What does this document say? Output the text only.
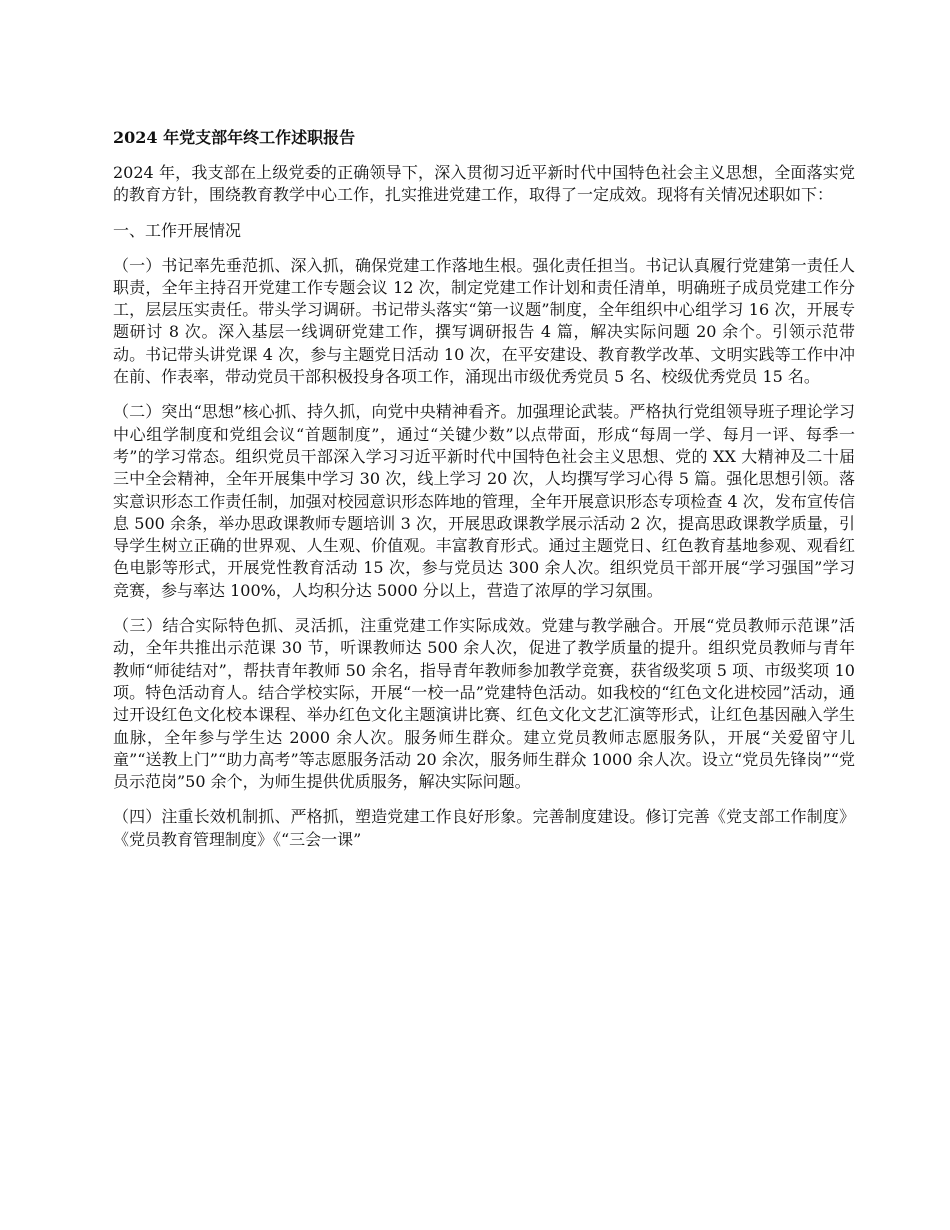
2024 年党支部年终工作述职报告
2024 年，我支部在上级党委的正确领导下，深入贯彻习近平新时代中国特色社会主义思想，全面落实党的教育方针，围绕教育教学中心工作，扎实推进党建工作，取得了一定成效。现将有关情况述职如下：
一、工作开展情况
（一）书记率先垂范抓、深入抓，确保党建工作落地生根。强化责任担当。书记认真履行党建第一责任人职责，全年主持召开党建工作专题会议 12 次，制定党建工作计划和责任清单，明确班子成员党建工作分工，层层压实责任。带头学习调研。书记带头落实“第一议题”制度，全年组织中心组学习 16 次，开展专题研讨 8 次。深入基层一线调研党建工作，撰写调研报告 4 篇，解决实际问题 20 余个。引领示范带动。书记带头讲党课 4 次，参与主题党日活动 10 次，在平安建设、教育教学改革、文明实践等工作中冲在前、作表率，带动党员干部积极投身各项工作，涌现出市级优秀党员 5 名、校级优秀党员 15 名。
（二）突出“思想”核心抓、持久抓，向党中央精神看齐。加强理论武装。严格执行党组领导班子理论学习中心组学制度和党组会议“首题制度”，通过“关键少数”以点带面，形成“每周一学、每月一评、每季一考”的学习常态。组织党员干部深入学习习近平新时代中国特色社会主义思想、党的 XX 大精神及二十届三中全会精神，全年开展集中学习 30 次，线上学习 20 次，人均撰写学习心得 5 篇。强化思想引领。落实意识形态工作责任制，加强对校园意识形态阵地的管理，全年开展意识形态专项检查 4 次，发布宣传信息 500 余条，举办思政课教师专题培训 3 次，开展思政课教学展示活动 2 次，提高思政课教学质量，引导学生树立正确的世界观、人生观、价值观。丰富教育形式。通过主题党日、红色教育基地参观、观看红色电影等形式，开展党性教育活动 15 次，参与党员达 300 余人次。组织党员干部开展“学习强国”学习竞赛，参与率达 100%，人均积分达 5000 分以上，营造了浓厚的学习氛围。
（三）结合实际特色抓、灵活抓，注重党建工作实际成效。党建与教学融合。开展“党员教师示范课”活动，全年共推出示范课 30 节，听课教师达 500 余人次，促进了教学质量的提升。组织党员教师与青年教师“师徒结对”，帮扶青年教师 50 余名，指导青年教师参加教学竞赛，获省级奖项 5 项、市级奖项 10 项。特色活动育人。结合学校实际，开展“一校一品”党建特色活动。如我校的“红色文化进校园”活动，通过开设红色文化校本课程、举办红色文化主题演讲比赛、红色文化文艺汇演等形式，让红色基因融入学生血脉，全年参与学生达 2000 余人次。服务师生群众。建立党员教师志愿服务队，开展“关爱留守儿童”“送教上门”“助力高考”等志愿服务活动 20 余次，服务师生群众 1000 余人次。设立“党员先锋岗”“党员示范岗”50 余个，为师生提供优质服务，解决实际问题。
（四）注重长效机制抓、严格抓，塑造党建工作良好形象。完善制度建设。修订完善《党支部工作制度》《党员教育管理制度》《“三会一课”
